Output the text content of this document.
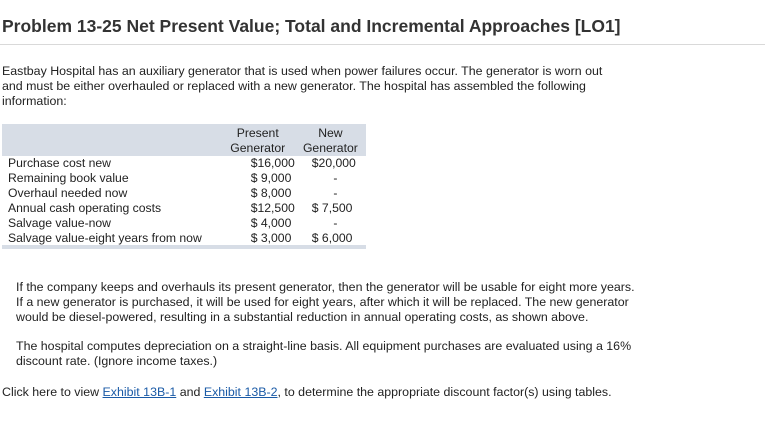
Problem 13-25 Net Present Value; Total and Incremental Approaches [LO1]
Eastbay Hospital has an auxiliary generator that is used when power failures occur. The generator is worn out and must be either overhauled or replaced with a new generator. The hospital has assembled the following information:
	Present	New
	Generator	Generator
Purchase cost new	$16,000	$20,000
Remaining book value	$ 9,000	-
Overhaul needed now	$ 8,000	-
Annual cash operating costs	$12,500	$ 7,500
Salvage value-now	$ 4,000	-
Salvage value-eight years from now	$ 3,000	$ 6,000
If the company keeps and overhauls its present generator, then the generator will be usable for eight more years. If a new generator is purchased, it will be used for eight years, after which it will be replaced. The new generator would be diesel-powered, resulting in a substantial reduction in annual operating costs, as shown above.
The hospital computes depreciation on a straight-line basis. All equipment purchases are evaluated using a 16% discount rate. (Ignore income taxes.)
Click here to view Exhibit 13B-1 and Exhibit 13B-2, to determine the appropriate discount factor(s) using tables.
